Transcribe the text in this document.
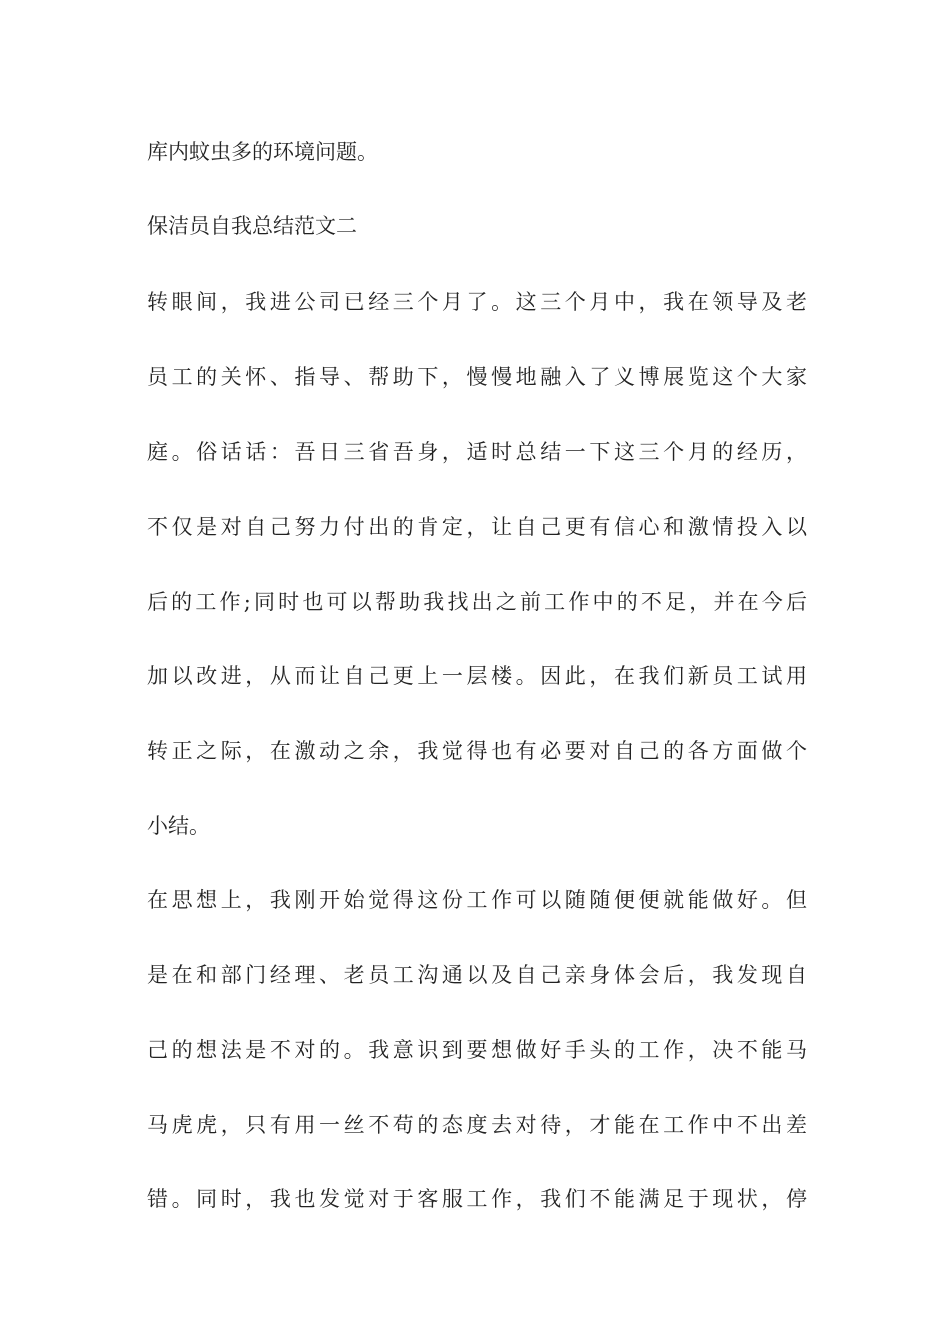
库内蚊虫多的环境问题。
保洁员自我总结范文二
转眼间，我进公司已经三个月了。这三个月中，我在领导及老
员工的关怀、指导、帮助下，慢慢地融入了义博展览这个大家
庭。俗话话：吾日三省吾身，适时总结一下这三个月的经历，
不仅是对自己努力付出的肯定，让自己更有信心和激情投入以
后的工作;同时也可以帮助我找出之前工作中的不足，并在今后
加以改进，从而让自己更上一层楼。因此，在我们新员工试用
转正之际，在激动之余，我觉得也有必要对自己的各方面做个
小结。
在思想上，我刚开始觉得这份工作可以随随便便就能做好。但
是在和部门经理、老员工沟通以及自己亲身体会后，我发现自
己的想法是不对的。我意识到要想做好手头的工作，决不能马
马虎虎，只有用一丝不苟的态度去对待，才能在工作中不出差
错。同时，我也发觉对于客服工作，我们不能满足于现状，停
